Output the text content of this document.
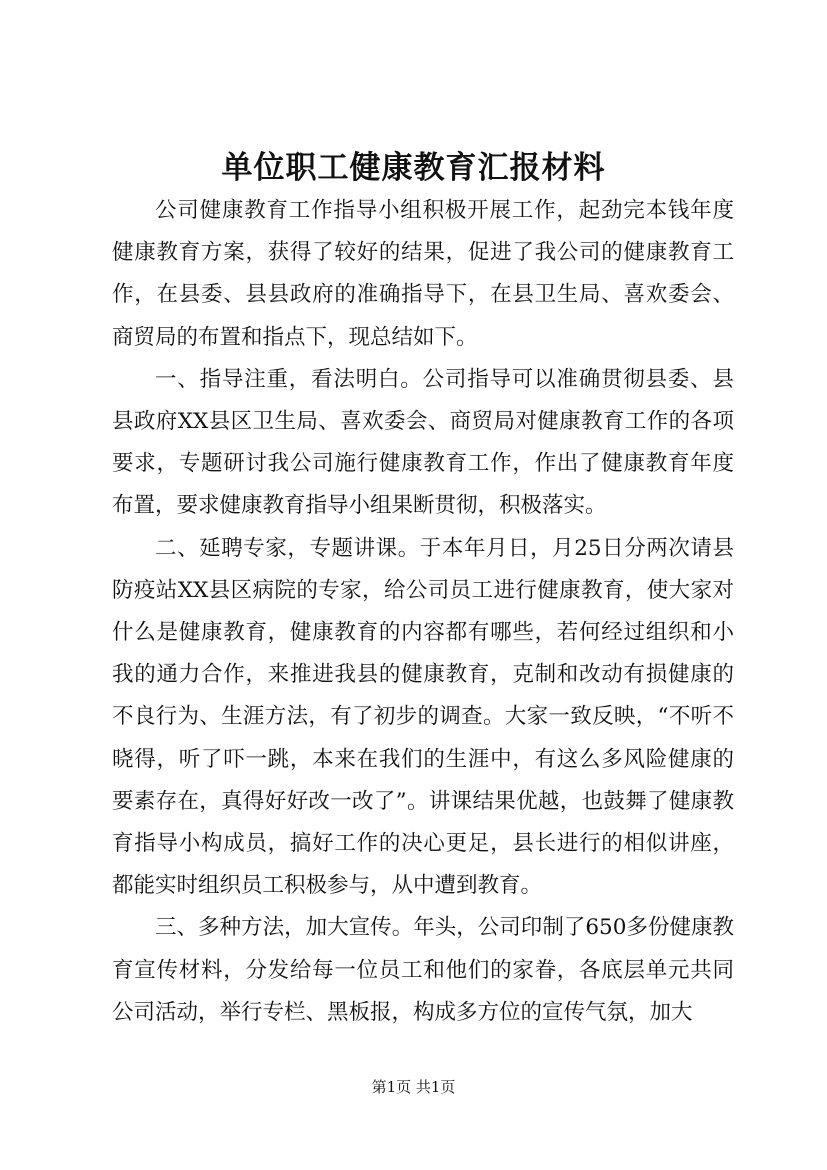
单位职工健康教育汇报材料

公司健康教育工作指导小组积极开展工作，起劲完本钱年度健康教育方案，获得了较好的结果，促进了我公司的健康教育工作，在县委、县县政府的准确指导下，在县卫生局、喜欢委会、商贸局的布置和指点下，现总结如下。

一、指导注重，看法明白。公司指导可以准确贯彻县委、县县政府XX县区卫生局、喜欢委会、商贸局对健康教育工作的各项要求，专题研讨我公司施行健康教育工作，作出了健康教育年度布置，要求健康教育指导小组果断贯彻，积极落实。

二、延聘专家，专题讲课。于本年月日，月25日分两次请县防疫站XX县区病院的专家，给公司员工进行健康教育，使大家对什么是健康教育，健康教育的内容都有哪些，若何经过组织和小我的通力合作，来推进我县的健康教育，克制和改动有损健康的不良行为、生涯方法，有了初步的调查。大家一致反映，“不听不晓得，听了吓一跳，本来在我们的生涯中，有这么多风险健康的要素存在，真得好好改一改了”。讲课结果优越，也鼓舞了健康教育指导小构成员，搞好工作的决心更足，县长进行的相似讲座，都能实时组织员工积极参与，从中遭到教育。

三、多种方法，加大宣传。年头，公司印制了650多份健康教育宣传材料，分发给每一位员工和他们的家眷，各底层单元共同公司活动，举行专栏、黑板报，构成多方位的宣传气氛，加大

第1页 共1页
